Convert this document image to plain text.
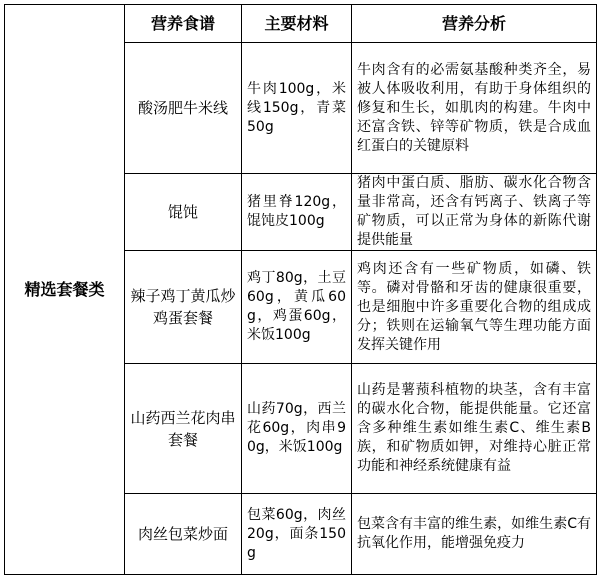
精选套餐类	营养食谱	主要材料	营养分析
	酸汤肥牛米线	牛肉100g，米线150g，青菜50g	牛肉含有的必需氨基酸种类齐全，易被人体吸收利用，有助于身体组织的修复和生长，如肌肉的构建。牛肉中还富含铁、锌等矿物质，铁是合成血红蛋白的关键原料
	馄饨	猪里脊120g，馄饨皮100g	猪肉中蛋白质、脂肪、碳水化合物含量非常高，还含有钙离子、铁离子等矿物质，可以正常为身体的新陈代谢提供能量
	辣子鸡丁黄瓜炒鸡蛋套餐	鸡丁80g，土豆60g，黄瓜60g，鸡蛋60g，米饭100g	鸡肉还含有一些矿物质，如磷、铁等。磷对骨骼和牙齿的健康很重要，也是细胞中许多重要化合物的组成成分；铁则在运输氧气等生理功能方面发挥关键作用
	山药西兰花肉串套餐	山药70g，西兰花60g，肉串90g，米饭100g	山药是薯蓣科植物的块茎，含有丰富的碳水化合物，能提供能量。它还富含多种维生素如维生素C、维生素B族，和矿物质如钾，对维持心脏正常功能和神经系统健康有益
	肉丝包菜炒面	包菜60g，肉丝20g，面条150g	包菜含有丰富的维生素，如维生素C有抗氧化作用，能增强免疫力
